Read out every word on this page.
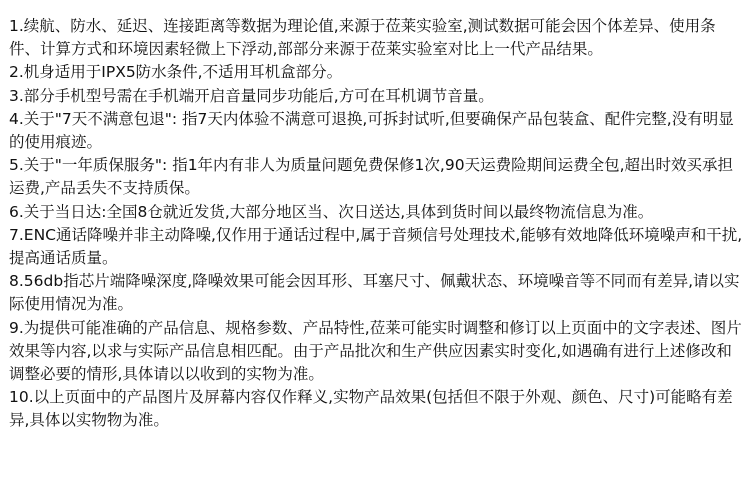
1.续航、防水、延迟、连接距离等数据为理论值,来源于莅莱实验室,测试数据可能会因个体差异、使用条件、计算方式和环境因素轻微上下浮动,部部分来源于莅莱实验室对比上一代产品结果。
2.机身适用于IPX5防水条件,不适用耳机盒部分。
3.部分手机型号需在手机端开启音量同步功能后,方可在耳机调节音量。
4.关于"7天不满意包退": 指7天内体验不满意可退换,可拆封试听,但要确保产品包装盒、配件完整,没有明显的使用痕迹。
5.关于"一年质保服务": 指1年内有非人为质量问题免费保修1次,90天运费险期间运费全包,超出时效买承担运费,产品丢失不支持质保。
6.关于当日达:全国8仓就近发货,大部分地区当、次日送达,具体到货时间以最终物流信息为准。
7.ENC通话降噪并非主动降噪,仅作用于通话过程中,属于音频信号处理技术,能够有效地降低环境噪声和干扰,提高通话质量。
8.56db指芯片端降噪深度,降噪效果可能会因耳形、耳塞尺寸、佩戴状态、环境噪音等不同而有差异,请以实际使用情况为准。
9.为提供可能准确的产品信息、规格参数、产品特性,莅莱可能实时调整和修订以上页面中的文字表述、图片效果等内容,以求与实际产品信息相匹配。由于产品批次和生产供应因素实时变化,如遇确有进行上述修改和调整必要的情形,具体请以以收到的实物为准。
10.以上页面中的产品图片及屏幕内容仅作释义,实物产品效果(包括但不限于外观、颜色、尺寸)可能略有差异,具体以实物物为准。
